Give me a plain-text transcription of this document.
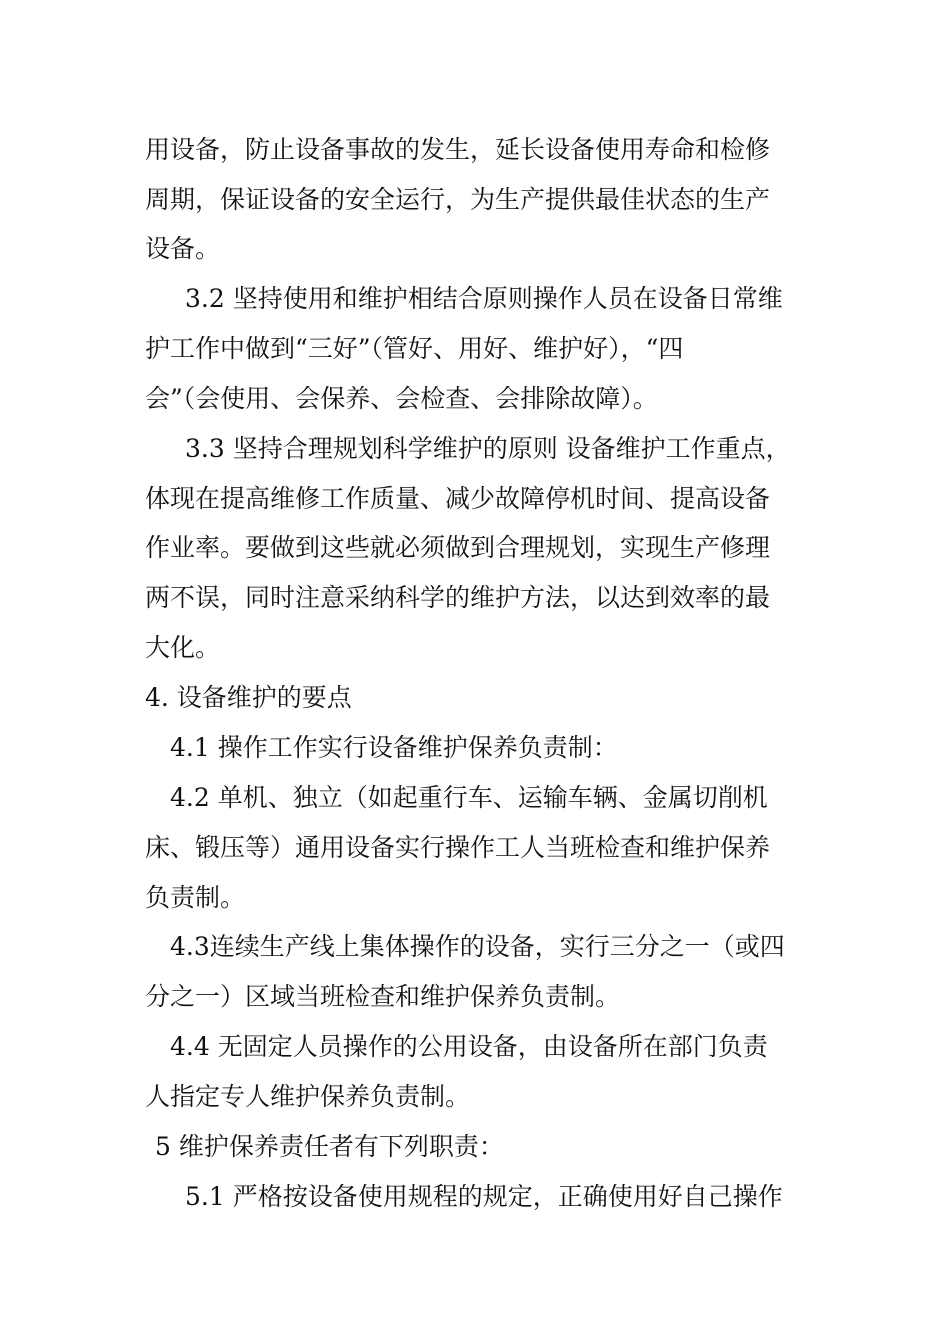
用设备，防止设备事故的发生，延长设备使用寿命和检修

周期，保证设备的安全运行，为生产提供最佳状态的生产

设备。

3.2 坚持使用和维护相结合原则操作人员在设备日常维

护工作中做到“三好”（管好、用好、维护好），“四

会”（会使用、会保养、会检查、会排除故障）。

3.3 坚持合理规划科学维护的原则 设备维护工作重点，

体现在提高维修工作质量、减少故障停机时间、提高设备

作业率。要做到这些就必须做到合理规划，实现生产修理

两不误，同时注意采纳科学的维护方法，以达到效率的最

大化。

4. 设备维护的要点

4.1 操作工作实行设备维护保养负责制：

4.2 单机、独立（如起重行车、运输车辆、金属切削机

床、锻压等）通用设备实行操作工人当班检查和维护保养

负责制。

4.3连续生产线上集体操作的设备，实行三分之一（或四

分之一）区域当班检查和维护保养负责制。

4.4 无固定人员操作的公用设备，由设备所在部门负责

人指定专人维护保养负责制。

5 维护保养责任者有下列职责：

5.1 严格按设备使用规程的规定，正确使用好自己操作
